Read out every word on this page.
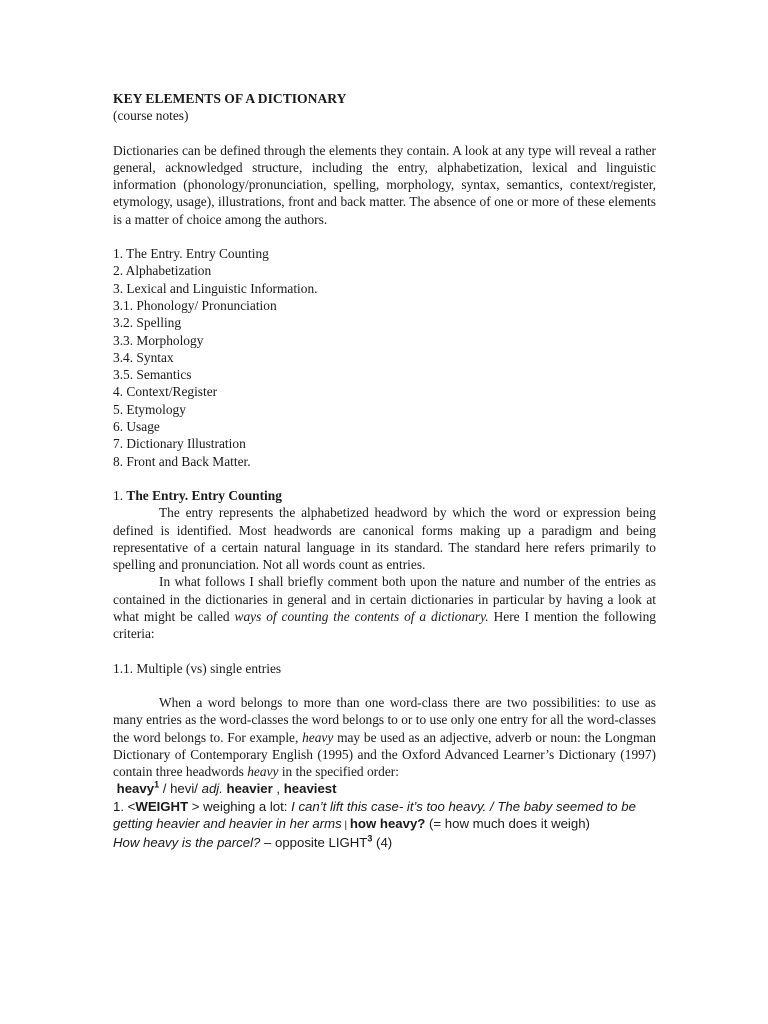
KEY ELEMENTS OF A DICTIONARY

(course notes)

Dictionaries can be defined through the elements they contain. A look at any type will reveal a rather general, acknowledged structure, including the entry, alphabetization, lexical and linguistic information (phonology/pronunciation, spelling, morphology, syntax, semantics, context/register, etymology, usage), illustrations, front and back matter. The absence of one or more of these elements is a matter of choice among the authors.

1. The Entry. Entry Counting
2. Alphabetization
3. Lexical and Linguistic Information.
3.1. Phonology/ Pronunciation
3.2. Spelling
3.3. Morphology
3.4. Syntax
3.5. Semantics
4. Context/Register
5. Etymology
6. Usage
7. Dictionary Illustration
8. Front and Back Matter.

1. The Entry. Entry Counting

The entry represents the alphabetized headword by which the word or expression being defined is identified. Most headwords are canonical forms making up a paradigm and being representative of a certain natural language in its standard. The standard here refers primarily to spelling and pronunciation. Not all words count as entries.

In what follows I shall briefly comment both upon the nature and number of the entries as contained in the dictionaries in general and in certain dictionaries in particular by having a look at what might be called ways of counting the contents of a dictionary. Here I mention the following criteria:

1.1. Multiple (vs) single entries

When a word belongs to more than one word-class there are two possibilities: to use as many entries as the word-classes the word belongs to or to use only one entry for all the word-classes the word belongs to. For example, heavy may be used as an adjective, adverb or noun: the Longman Dictionary of Contemporary English (1995) and the Oxford Advanced Learner’s Dictionary (1997) contain three headwords heavy in the specified order:

heavy$^1$ / hevi/ adj. heavier , heaviest

1. <WEIGHT > weighing a lot: I can’t lift this case- it’s too heavy. / The baby seemed to be getting heavier and heavier in her arms | how heavy? (= how much does it weigh)
How heavy is the parcel? – opposite LIGHT$^3$ (4)
